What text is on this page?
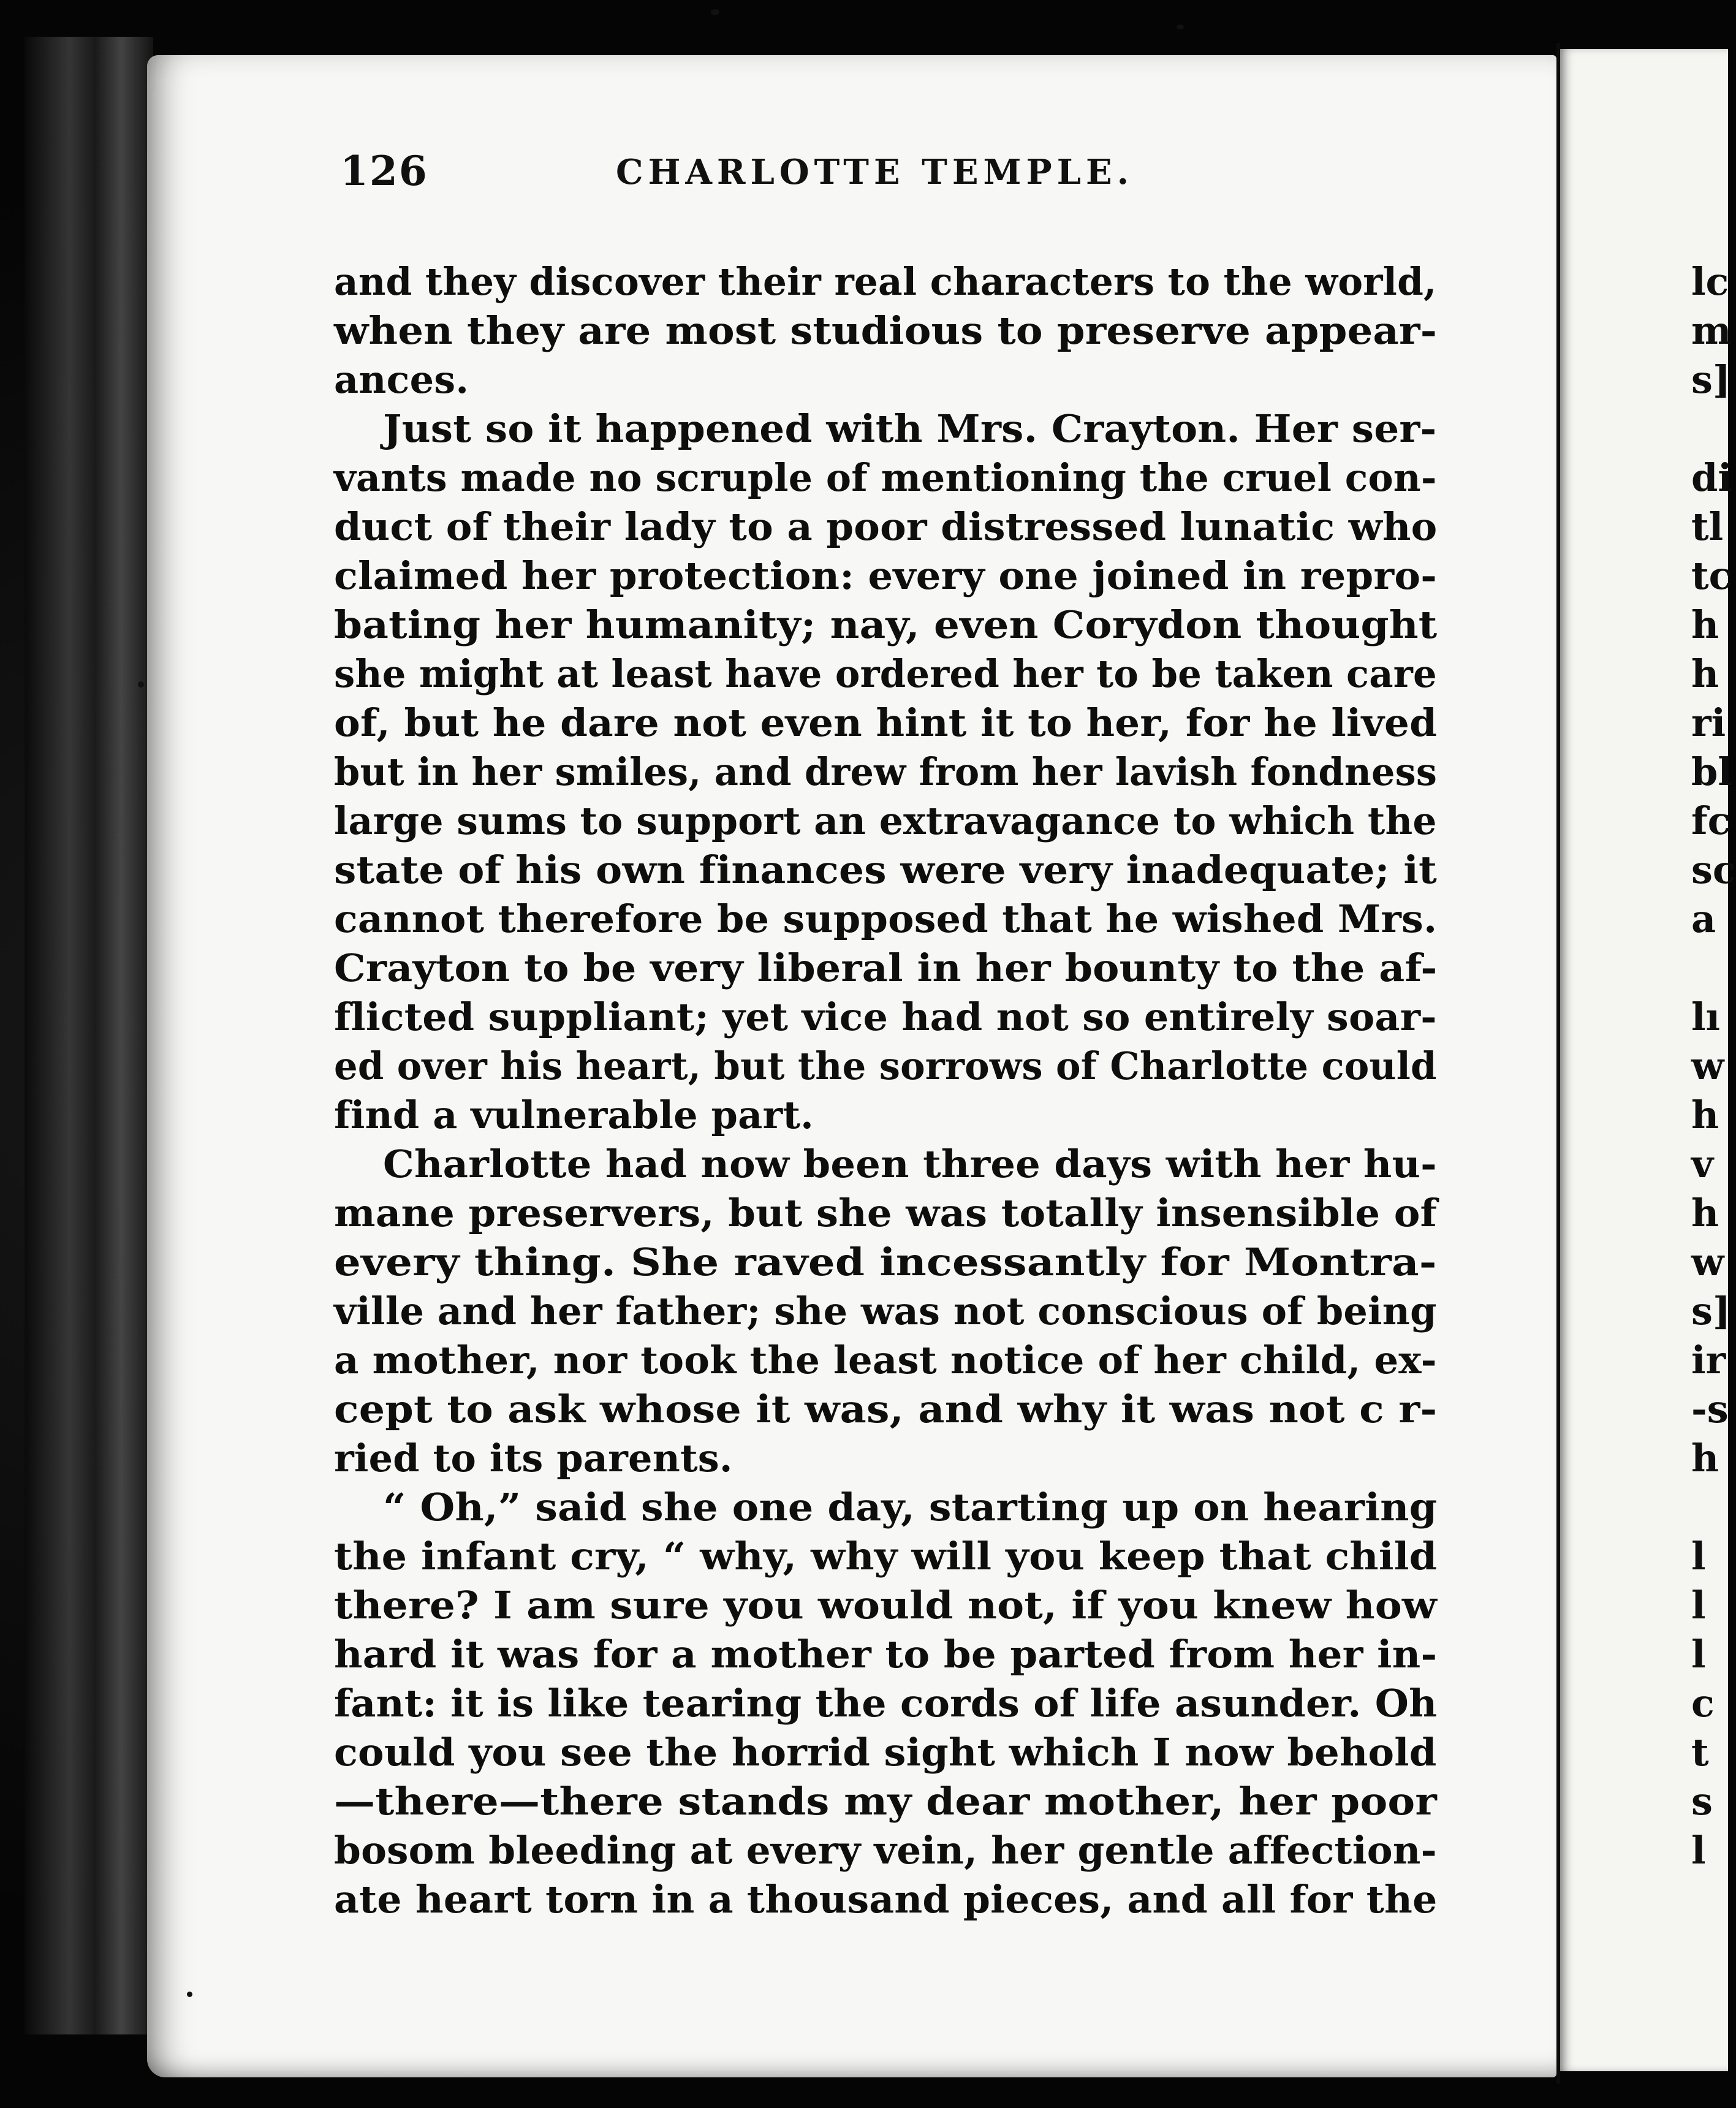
126	CHARLOTTE TEMPLE.
and they discover their real characters to the world,
when they are most studious to preserve appear-
ances.
Just so it happened with Mrs. Crayton. Her ser-
vants made no scruple of mentioning the cruel con-
duct of their lady to a poor distressed lunatic who
claimed her protection: every one joined in repro-
bating her humanity; nay, even Corydon thought
she might at least have ordered her to be taken care
of, but he dare not even hint it to her, for he lived
but in her smiles, and drew from her lavish fondness
large sums to support an extravagance to which the
state of his own finances were very inadequate; it
cannot therefore be supposed that he wished Mrs.
Crayton to be very liberal in her bounty to the af-
flicted suppliant; yet vice had not so entirely soar-
ed over his heart, but the sorrows of Charlotte could
find a vulnerable part.
Charlotte had now been three days with her hu-
mane preservers, but she was totally insensible of
every thing. She raved incessantly for Montra-
ville and her father; she was not conscious of being
a mother, nor took the least notice of her child, ex-
cept to ask whose it was, and why it was not c r-
ried to its parents.
“ Oh,” said she one day, starting up on hearing
the infant cry, “ why, why will you keep that child
there? I am sure you would not, if you knew how
hard it was for a mother to be parted from her in-
fant: it is like tearing the cords of life asunder. Oh
could you see the horrid sight which I now behold
—there—there stands my dear mother, her poor
bosom bleeding at every vein, her gentle affection-
ate heart torn in a thousand pieces, and all for the
lc
m
s]
di
tl
tc
h
h
ri
bl
fc
sc
a
lı
w
h
v
h
w
s]
ir
-s
h
l
l
l
c
t
s
l
